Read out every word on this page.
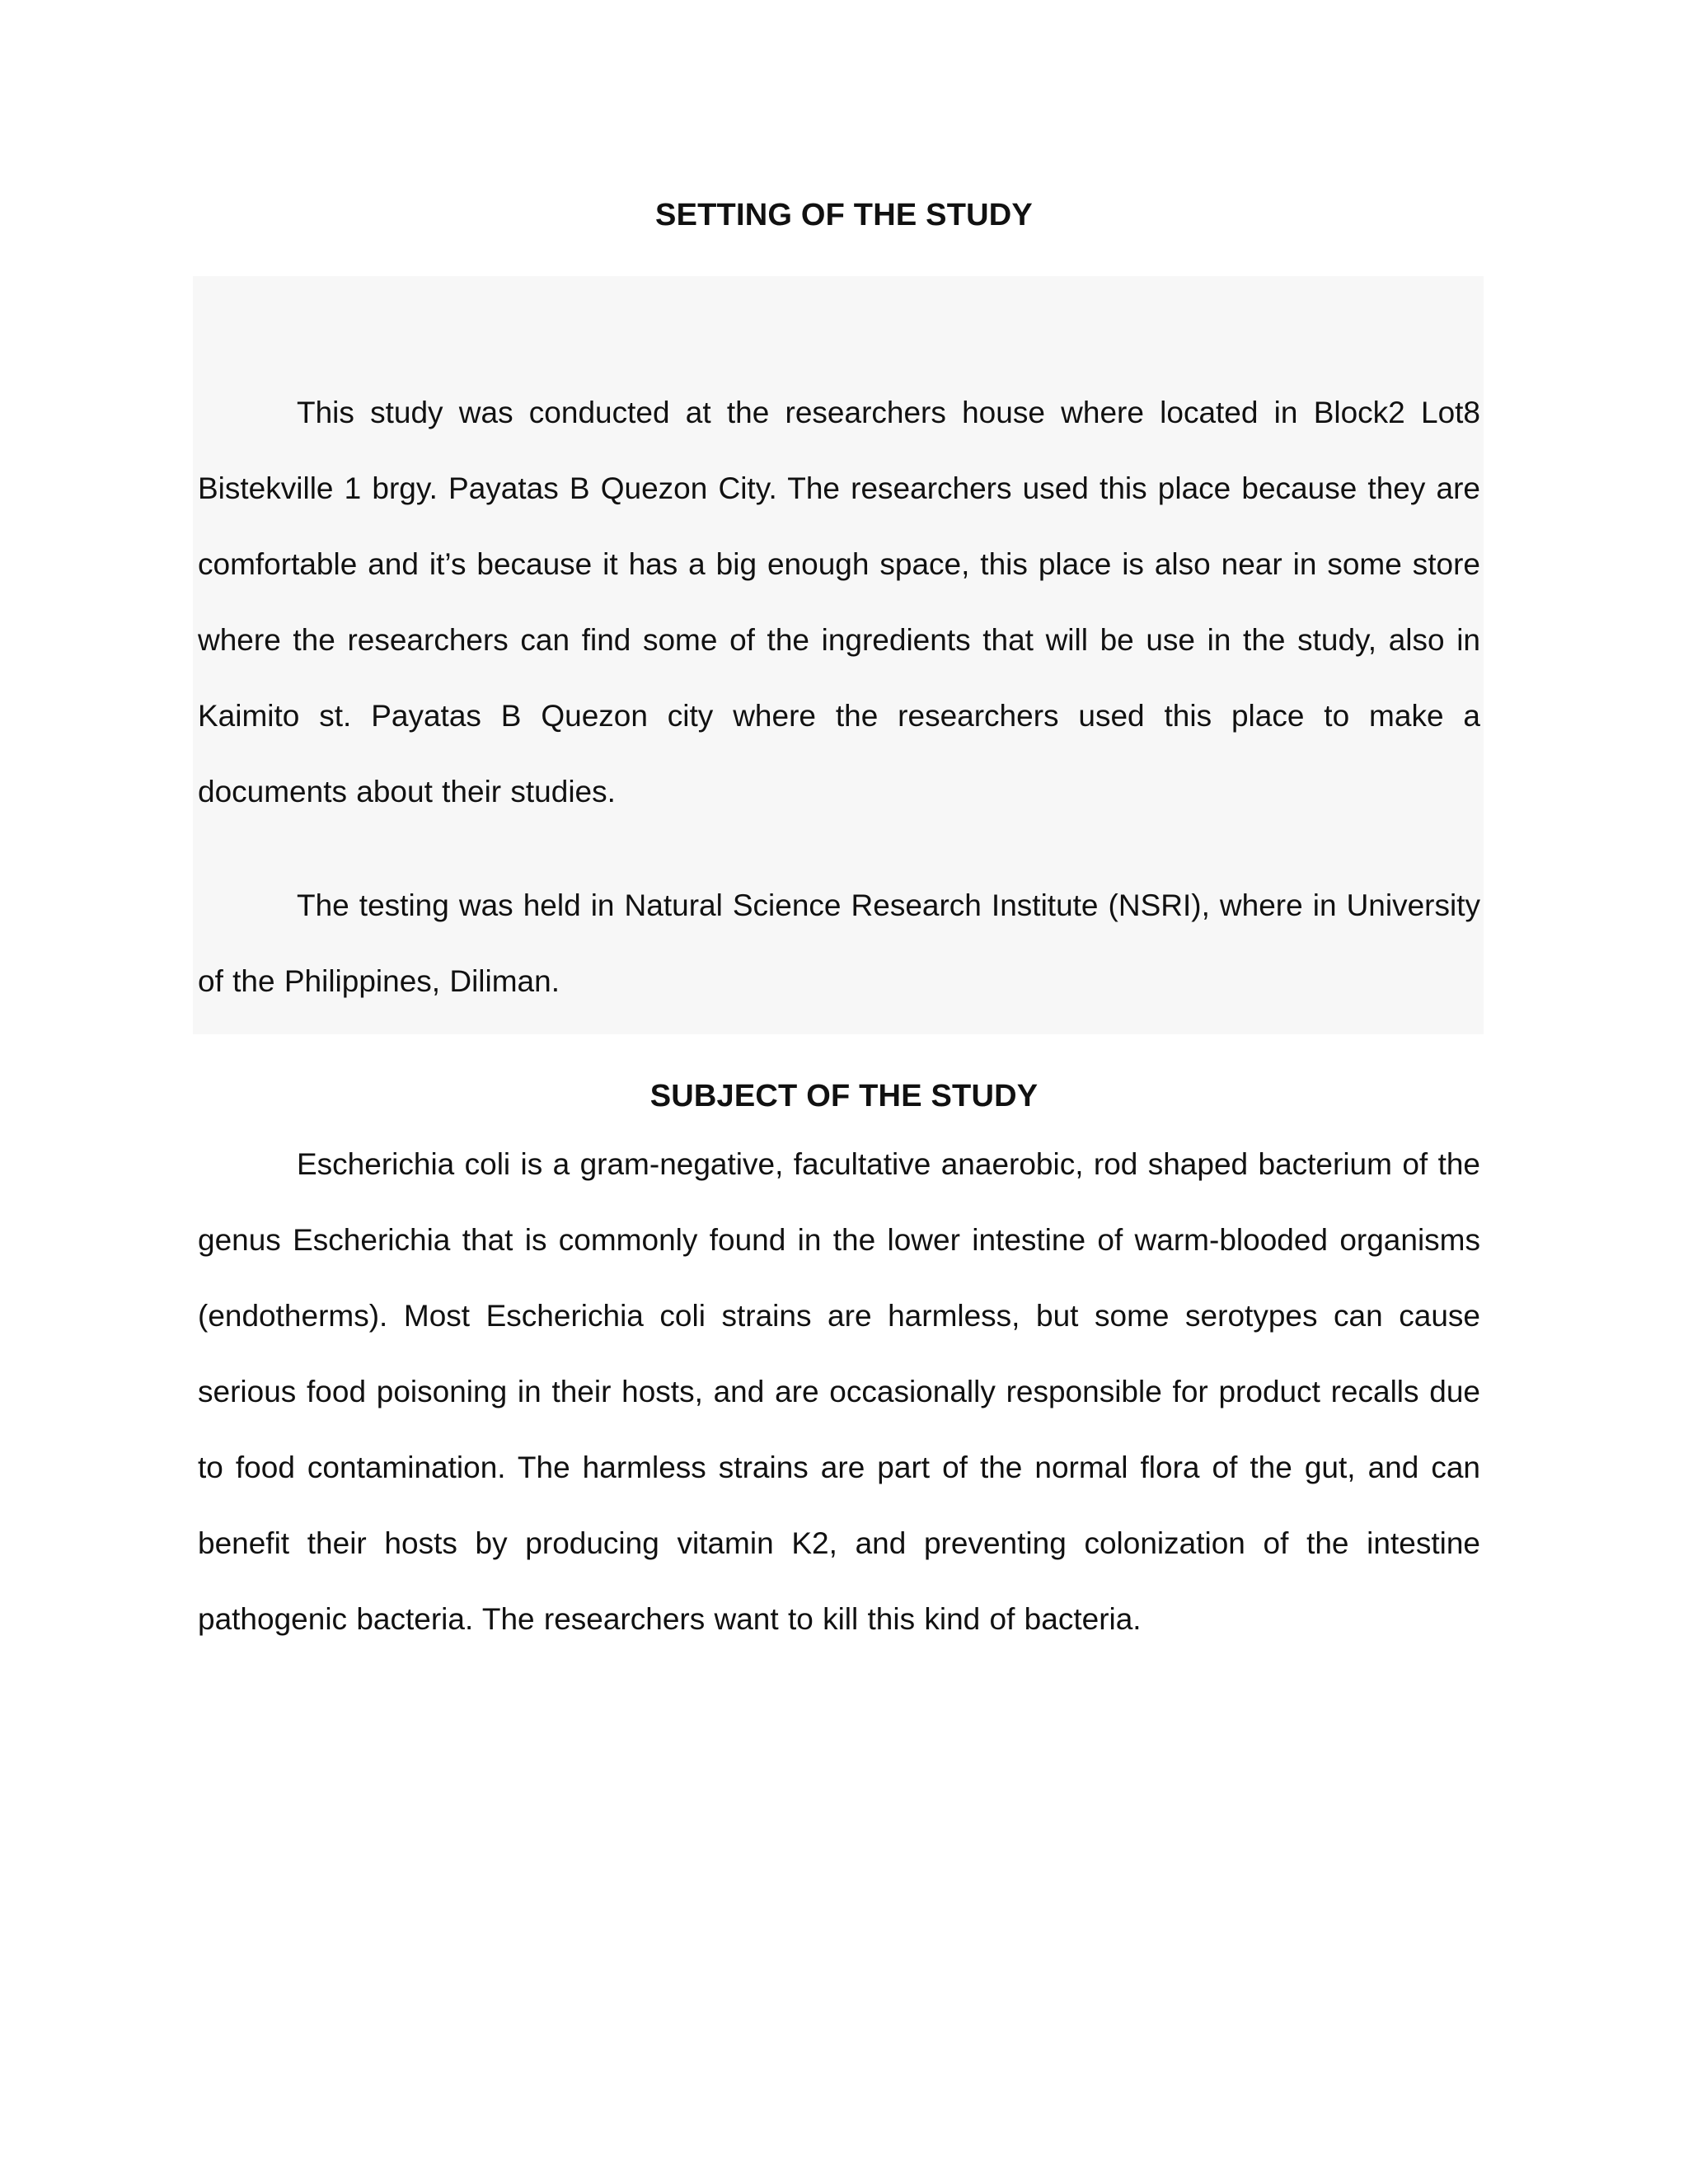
SETTING OF THE STUDY

This study was conducted at the researchers house where located in Block2 Lot8 Bistekville 1 brgy. Payatas B Quezon City. The researchers used this place because they are comfortable and it’s because it has a big enough space, this place is also near in some store where the researchers can find some of the ingredients that will be use in the study, also in Kaimito st. Payatas B Quezon city where the researchers used this place to make a documents about their studies.

The testing was held in Natural Science Research Institute (NSRI), where in University of the Philippines, Diliman.

SUBJECT OF THE STUDY

Escherichia coli is a gram-negative, facultative anaerobic, rod shaped bacterium of the genus Escherichia that is commonly found in the lower intestine of warm-blooded organisms (endotherms). Most Escherichia coli strains are harmless, but some serotypes can cause serious food poisoning in their hosts, and are occasionally responsible for product recalls due to food contamination. The harmless strains are part of the normal flora of the gut, and can benefit their hosts by producing vitamin K2, and preventing colonization of the intestine pathogenic bacteria. The researchers want to kill this kind of bacteria.
